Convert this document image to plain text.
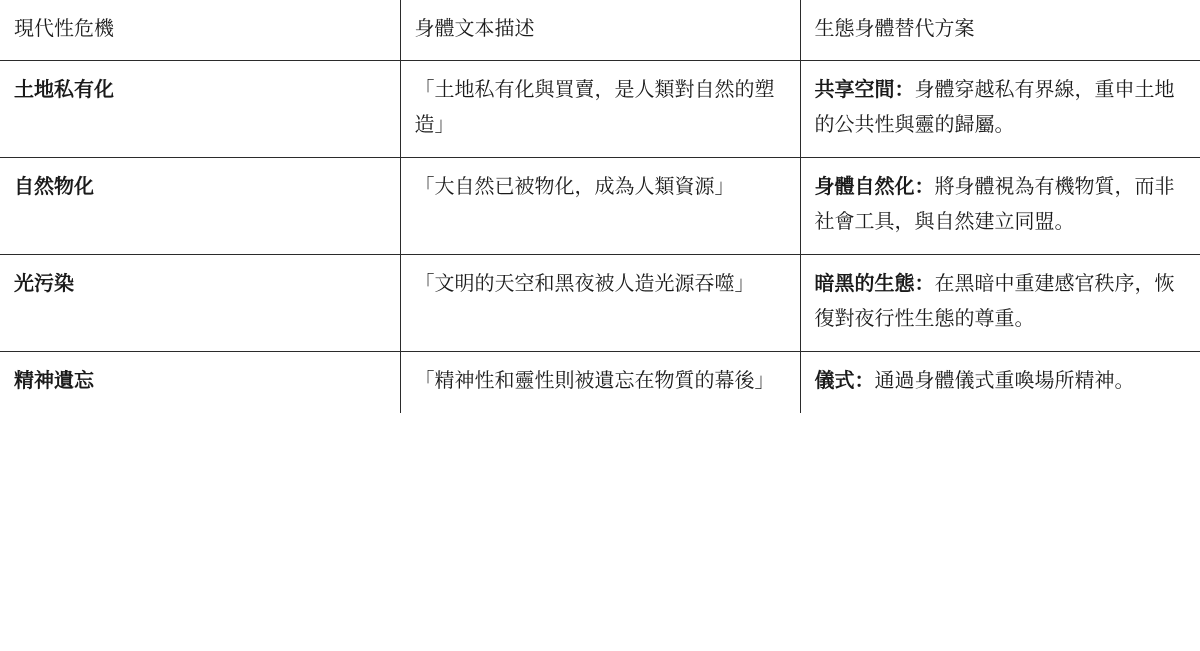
現代性危機	身體文本描述	生態身體替代方案
土地私有化	「土地私有化與買賣，是人類對自然的塑造」	共享空間：身體穿越私有界線，重申土地的公共性與靈的歸屬。
自然物化	「大自然已被物化，成為人類資源」	身體自然化：將身體視為有機物質，而非社會工具，與自然建立同盟。
光污染	「文明的天空和黑夜被人造光源吞噬」	暗黑的生態：在黑暗中重建感官秩序，恢復對夜行性生態的尊重。
精神遺忘	「精神性和靈性則被遺忘在物質的幕後」	儀式：通過身體儀式重喚場所精神。
